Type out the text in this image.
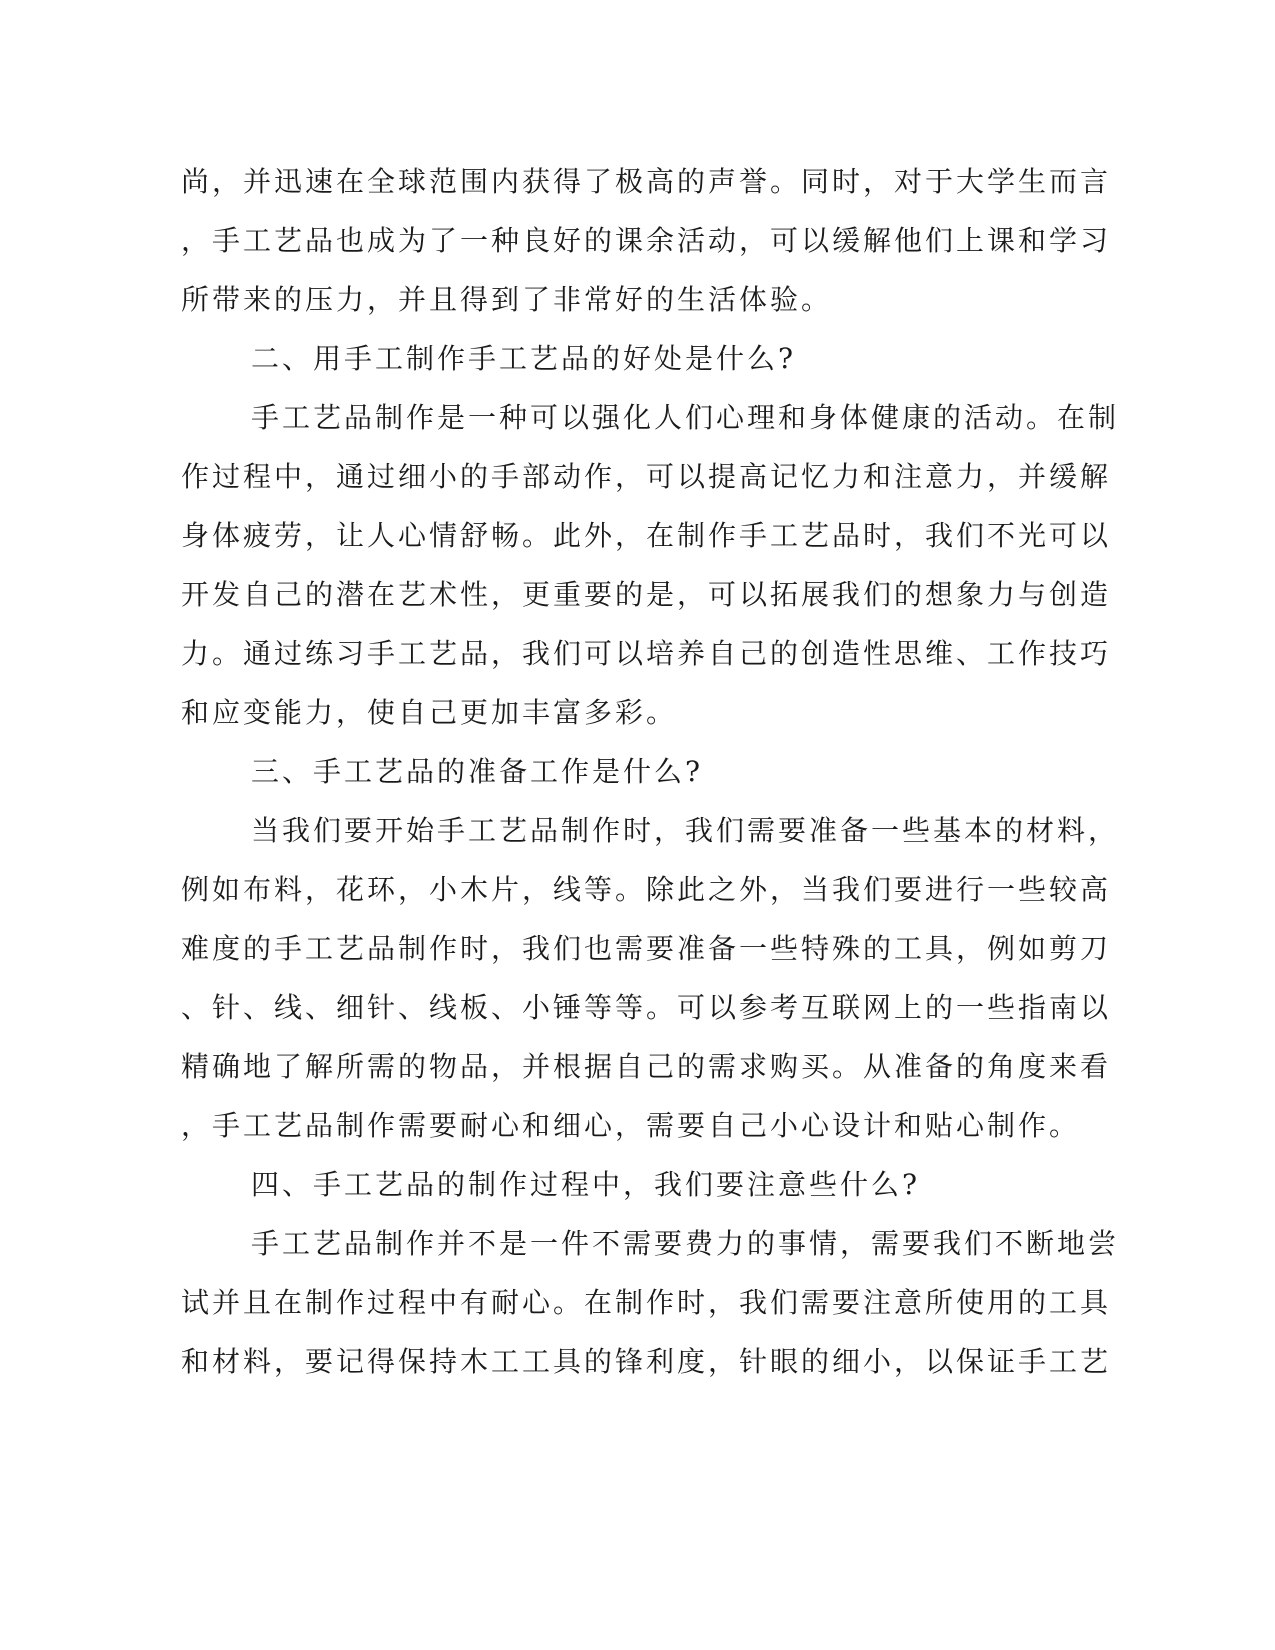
尚，并迅速在全球范围内获得了极高的声誉。同时，对于大学生而言
，手工艺品也成为了一种良好的课余活动，可以缓解他们上课和学习
所带来的压力，并且得到了非常好的生活体验。
二、用手工制作手工艺品的好处是什么?
手工艺品制作是一种可以强化人们心理和身体健康的活动。在制
作过程中，通过细小的手部动作，可以提高记忆力和注意力，并缓解
身体疲劳，让人心情舒畅。此外，在制作手工艺品时，我们不光可以
开发自己的潜在艺术性，更重要的是，可以拓展我们的想象力与创造
力。通过练习手工艺品，我们可以培养自己的创造性思维、工作技巧
和应变能力，使自己更加丰富多彩。
三、手工艺品的准备工作是什么?
当我们要开始手工艺品制作时，我们需要准备一些基本的材料，
例如布料，花环，小木片，线等。除此之外，当我们要进行一些较高
难度的手工艺品制作时，我们也需要准备一些特殊的工具，例如剪刀
、针、线、细针、线板、小锤等等。可以参考互联网上的一些指南以
精确地了解所需的物品，并根据自己的需求购买。从准备的角度来看
，手工艺品制作需要耐心和细心，需要自己小心设计和贴心制作。
四、手工艺品的制作过程中，我们要注意些什么?
手工艺品制作并不是一件不需要费力的事情，需要我们不断地尝
试并且在制作过程中有耐心。在制作时，我们需要注意所使用的工具
和材料，要记得保持木工工具的锋利度，针眼的细小，以保证手工艺
